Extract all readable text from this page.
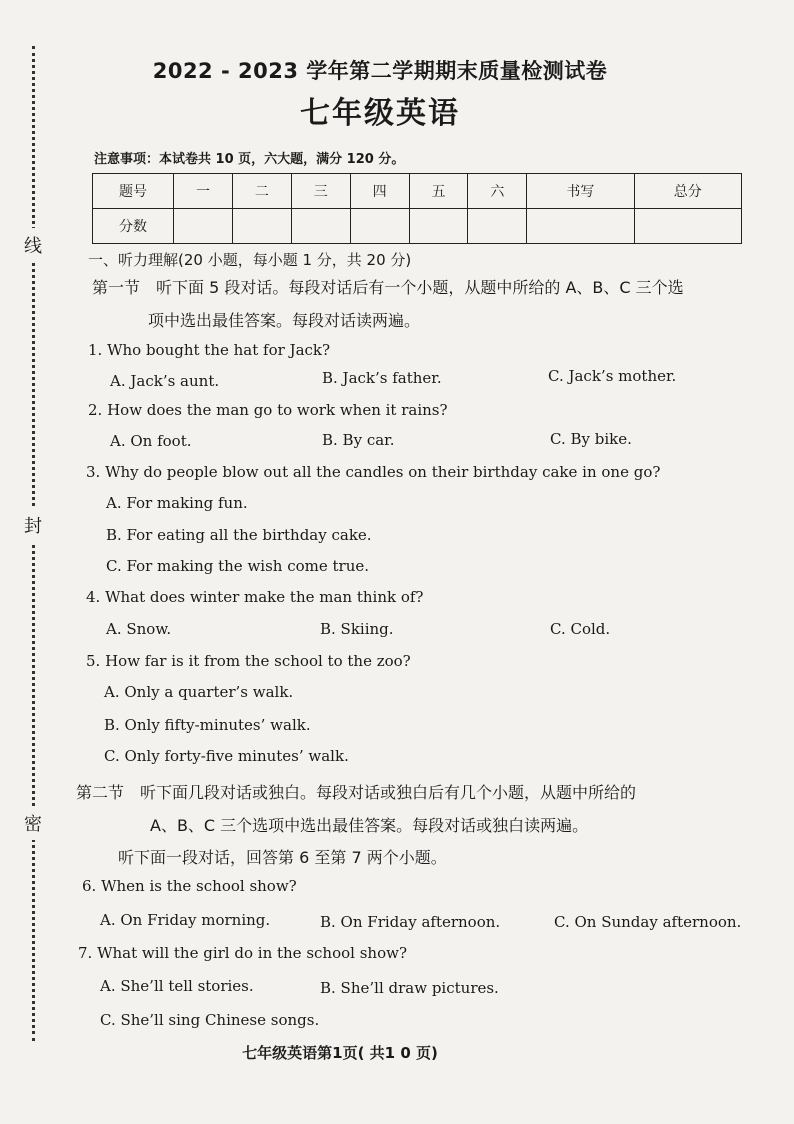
线
封
密
2022 - 2023 学年第二学期期末质量检测试卷
七年级英语
注意事项：本试卷共 10 页，六大题，满分 120 分。
题号	一	二	三	四	五	六	书写	总分
分数								
一、听力理解(20 小题，每小题 1 分，共 20 分)
第一节　听下面 5 段对话。每段对话后有一个小题，从题中所给的 A、B、C 三个选
项中选出最佳答案。每段对话读两遍。
1. Who bought the hat for Jack?
A. Jack’s aunt.	B. Jack’s father.	C. Jack’s mother.
2. How does the man go to work when it rains?
A. On foot.	B. By car.	C. By bike.
3. Why do people blow out all the candles on their birthday cake in one go?
A. For making fun.
B. For eating all the birthday cake.
C. For making the wish come true.
4. What does winter make the man think of?
A. Snow.	B. Skiing.	C. Cold.
5. How far is it from the school to the zoo?
A. Only a quarter’s walk.
B. Only fifty-minutes’ walk.
C. Only forty-five minutes’ walk.
第二节　听下面几段对话或独白。每段对话或独白后有几个小题，从题中所给的
A、B、C 三个选项中选出最佳答案。每段对话或独白读两遍。
听下面一段对话，回答第 6 至第 7 两个小题。
6. When is the school show?
A. On Friday morning.	B. On Friday afternoon.	C. On Sunday afternoon.
7. What will the girl do in the school show?
A. She’ll tell stories.	B. She’ll draw pictures.
C. She’ll sing Chinese songs.
七年级英语第1页( 共1 0 页)
